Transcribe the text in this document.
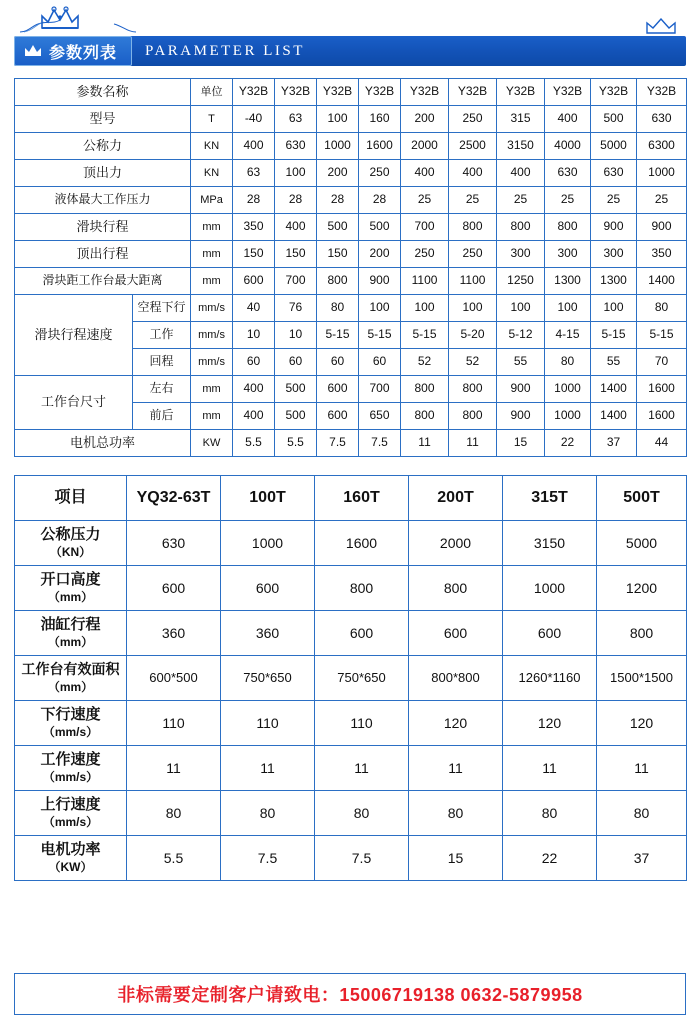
参数列表 PARAMETER LIST
参数名称		单位	Y32B	Y32B	Y32B	Y32B	Y32B	Y32B	Y32B	Y32B	Y32B	Y32B
型号		T	-40	63	100	160	200	250	315	400	500	630
公称力		KN	400	630	1000	1600	2000	2500	3150	4000	5000	6300
顶出力		KN	63	100	200	250	400	400	400	630	630	1000
液体最大工作压力		MPa	28	28	28	28	25	25	25	25	25	25
滑块行程		mm	350	400	500	500	700	800	800	800	900	900
顶出行程		mm	150	150	150	200	250	250	300	300	300	350
滑块距工作台最大距离		mm	600	700	800	900	1100	1100	1250	1300	1300	1400
滑块行程速度	空程下行	mm/s	40	76	80	100	100	100	100	100	100	80
	工作	mm/s	10	10	5-15	5-15	5-15	5-20	5-12	4-15	5-15	5-15
	回程	mm/s	60	60	60	60	52	52	55	80	55	70
工作台尺寸	左右	mm	400	500	600	700	800	800	900	1000	1400	1600
	前后	mm	400	500	600	650	800	800	900	1000	1400	1600
电机总功率		KW	5.5	5.5	7.5	7.5	11	11	15	22	37	44
项目	YQ32-63T	100T	160T	200T	315T	500T
公称压力
（KN）	630	1000	1600	2000	3150	5000
开口高度
（mm）	600	600	800	800	1000	1200
油缸行程
（mm）	360	360	600	600	600	800
工作台有效面积（mm）	600*500	750*650	750*650	800*800	1260*1160	1500*1500
下行速度
（mm/s）	110	110	110	120	120	120
工作速度
（mm/s）	11	11	11	11	11	11
上行速度
（mm/s）	80	80	80	80	80	80
电机功率
（KW）	5.5	7.5	7.5	15	22	37
非标需要定制客户请致电：15006719138 0632-5879958
